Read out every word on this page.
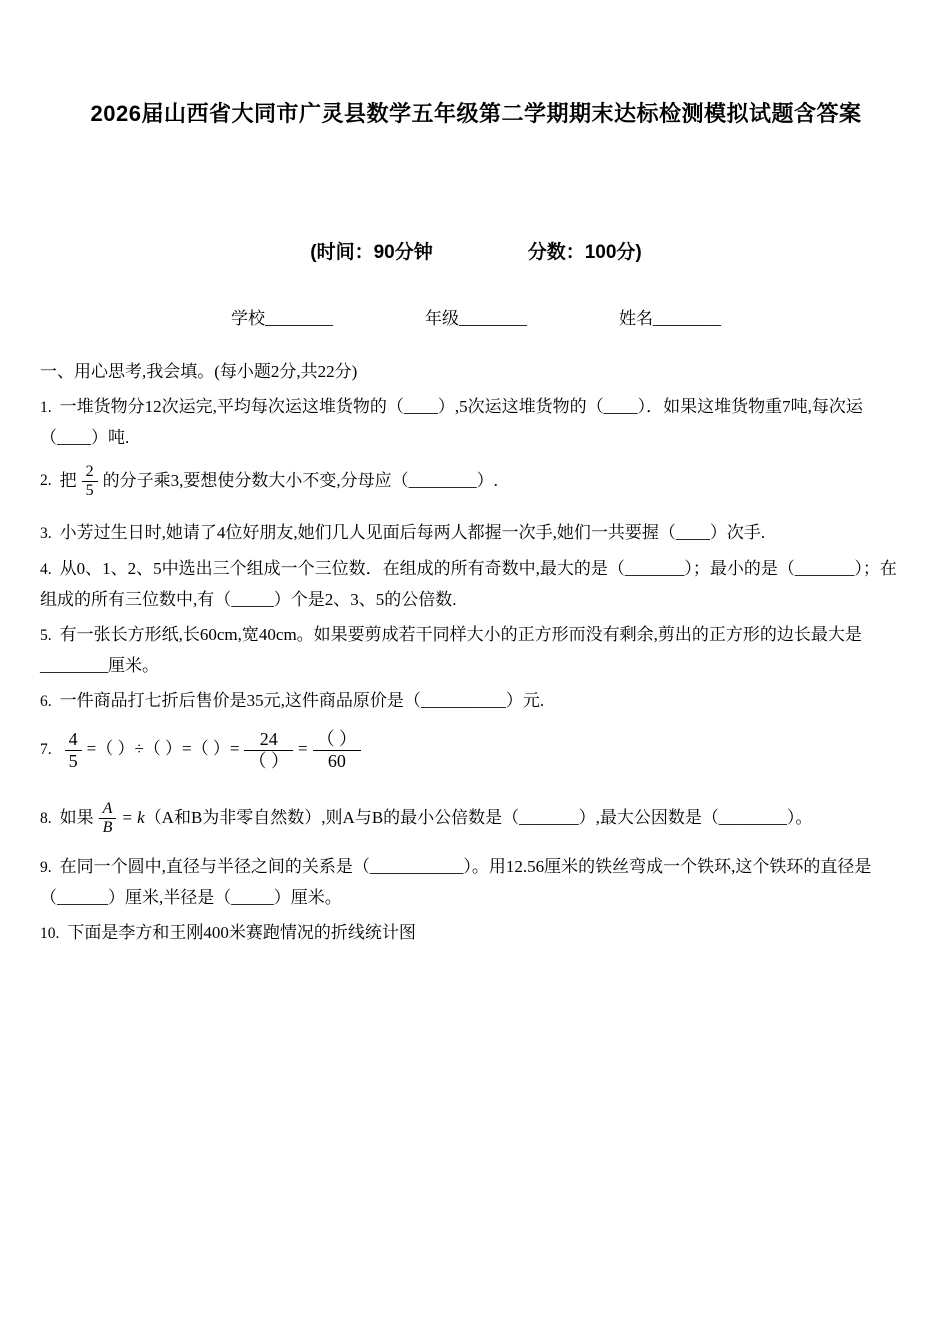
2026届山西省大同市广灵县数学五年级第二学期期末达标检测模拟试题含答案
(时间：90分钟	分数：100分)
学校________	年级________	姓名________
一、用心思考,我会填。(每小题2分,共22分)
1. 一堆货物分12次运完,平均每次运这堆货物的（____）,5次运这堆货物的（____）．如果这堆货物重7吨,每次运（____）吨.
2. 把 $\frac{2}{5}$ 的分子乘3,要想使分数大小不变,分母应（________）.
3. 小芳过生日时,她请了4位好朋友,她们几人见面后每两人都握一次手,她们一共要握（____）次手.
4. 从0、1、2、5中选出三个组成一个三位数．在组成的所有奇数中,最大的是（_______）；最小的是（_______）；在组成的所有三位数中,有（_____）个是2、3、5的公倍数.
5. 有一张长方形纸,长60cm,宽40cm。如果要剪成若干同样大小的正方形而没有剩余,剪出的正方形的边长最大是________厘米。
6. 一件商品打七折后售价是35元,这件商品原价是（__________）元.
7. $\frac{4}{5}$ =（ ）÷（ ）=（ ）= $\frac{24}{( )} = \frac{( )}{60}$
8. 如果 $\frac{A}{B} = k(A$和B为非零自然数）,则A与B的最小公倍数是（_______）,最大公因数是（________）。
9. 在同一个圆中,直径与半径之间的关系是（___________）。用12.56厘米的铁丝弯成一个铁环,这个铁环的直径是（______）厘米,半径是（_____）厘米。
10. 下面是李方和王刚400米赛跑情况的折线统计图
